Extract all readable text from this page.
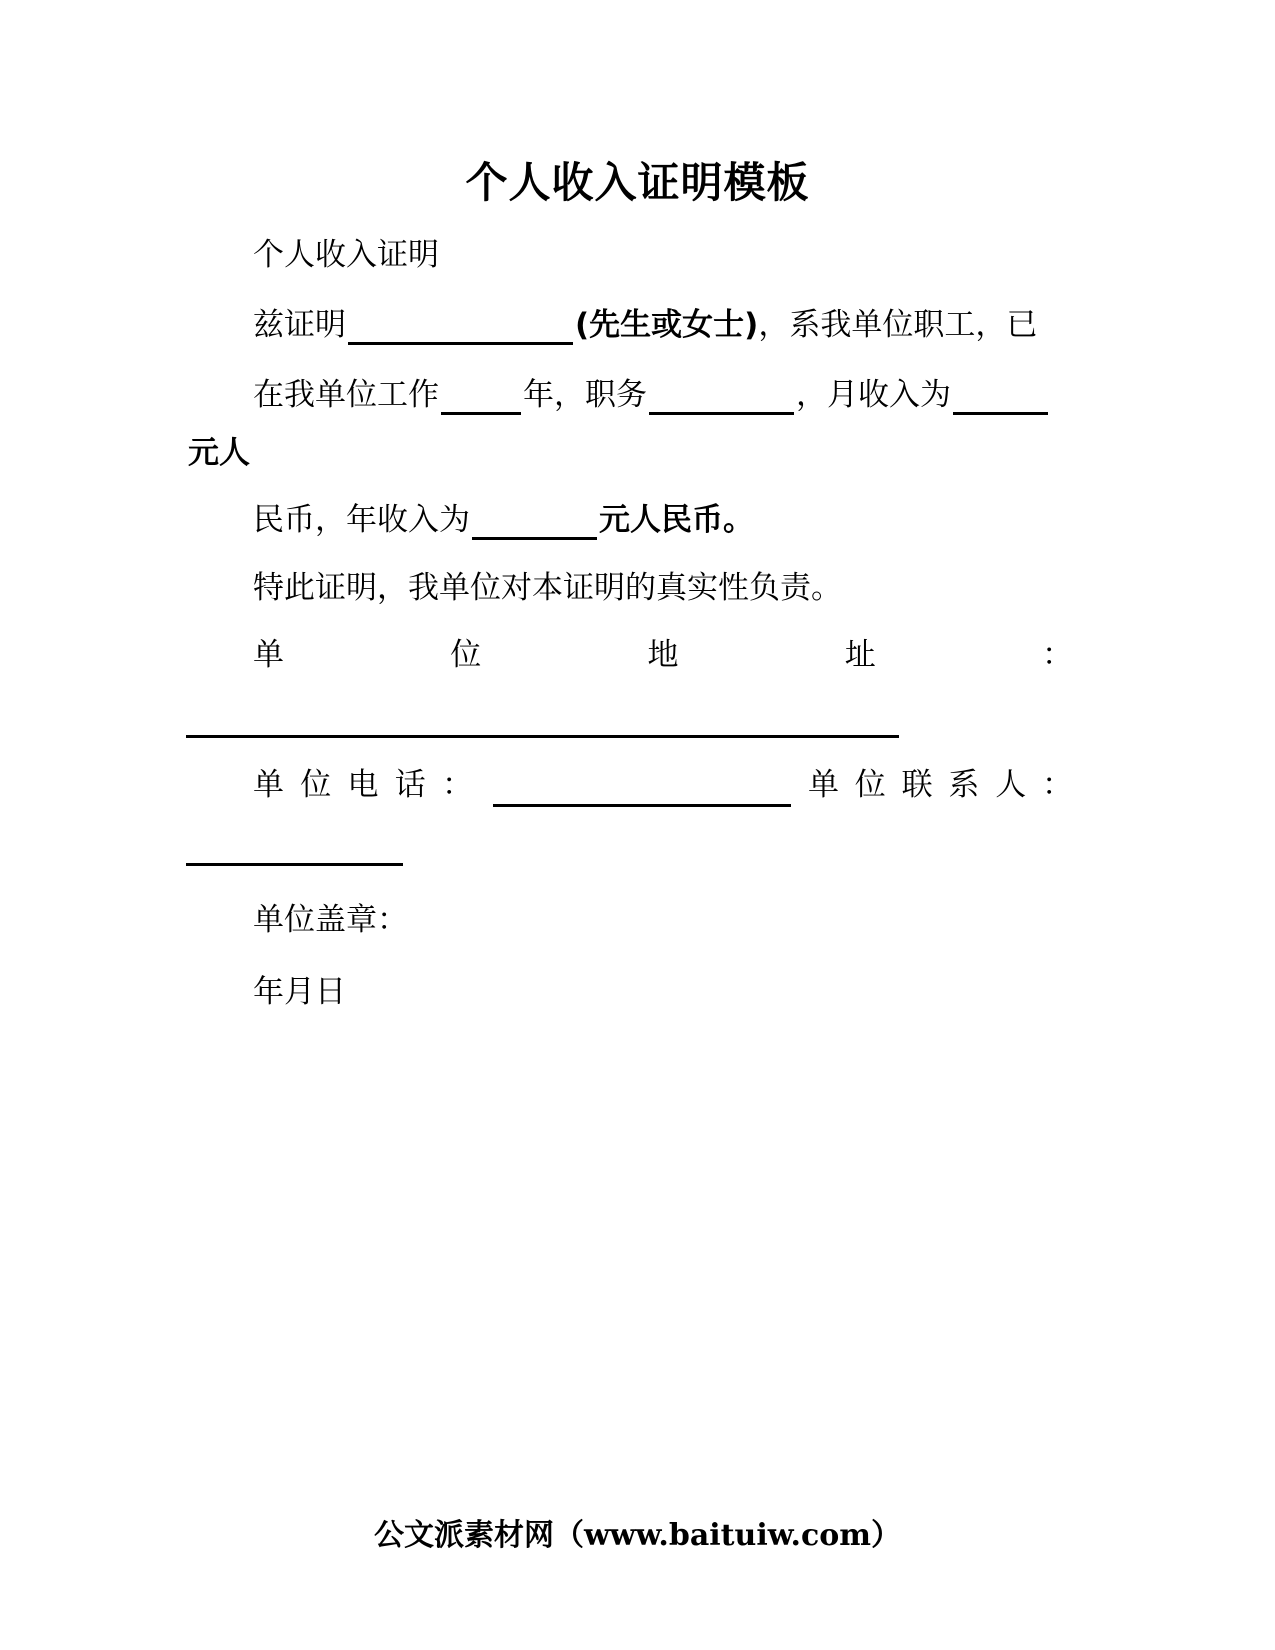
个人收入证明模板
个人收入证明
兹证明	(先生或女士)，系我单位职工，已
在我单位工作	年，职务	，月收入为
元人
民币，年收入为	元人民币。
特此证明，我单位对本证明的真实性负责。
单	位	地	址	：
单 位 电 话 ：	单 位 联 系 人 ：
单位盖章：
年月日
公文派素材网（www.baituiw.com）
